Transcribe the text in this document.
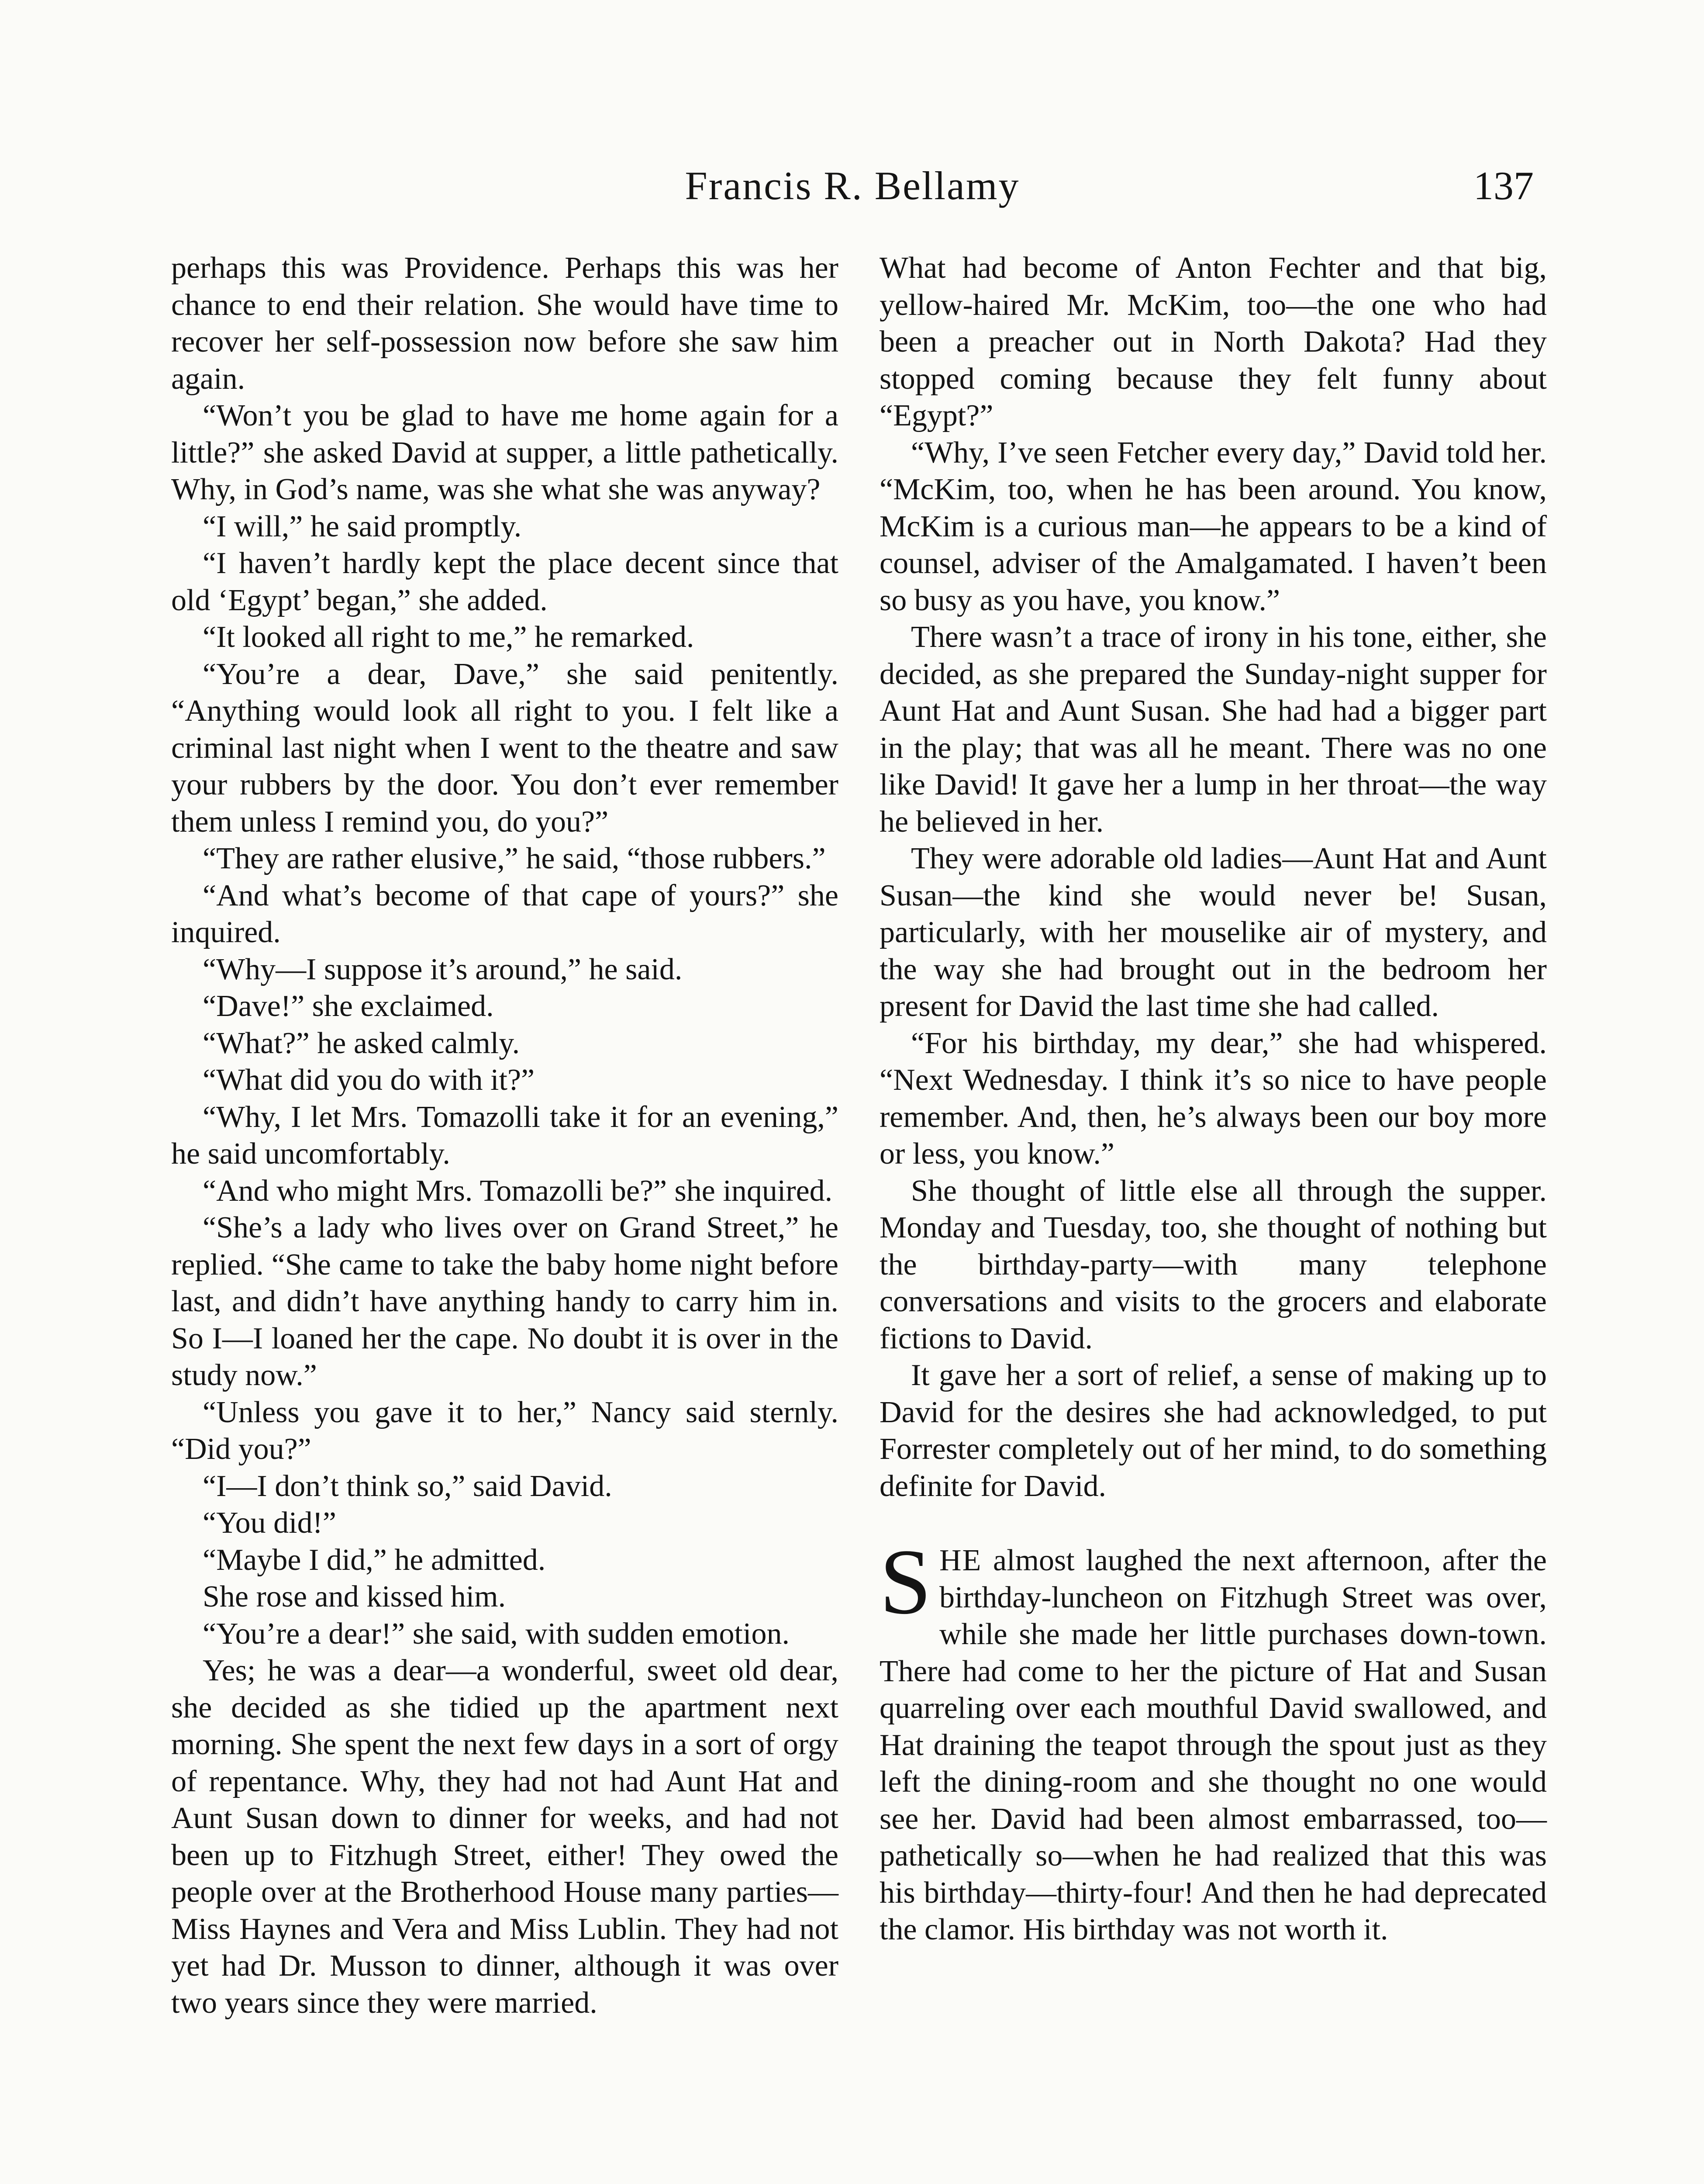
Francis R. Bellamy	137

perhaps this was Providence. Perhaps this was her chance to end their relation. She would have time to recover her self-possession now before she saw him again.

“Won’t you be glad to have me home again for a little?” she asked David at supper, a little pathetically. Why, in God’s name, was she what she was anyway?

“I will,” he said promptly.

“I haven’t hardly kept the place decent since that old ‘Egypt’ began,” she added.

“It looked all right to me,” he remarked.

“You’re a dear, Dave,” she said penitently. “Anything would look all right to you. I felt like a criminal last night when I went to the theatre and saw your rubbers by the door. You don’t ever remember them unless I remind you, do you?”

“They are rather elusive,” he said, “those rubbers.”

“And what’s become of that cape of yours?” she inquired.

“Why—I suppose it’s around,” he said.

“Dave!” she exclaimed.

“What?” he asked calmly.

“What did you do with it?”

“Why, I let Mrs. Tomazolli take it for an evening,” he said uncomfortably.

“And who might Mrs. Tomazolli be?” she inquired.

“She’s a lady who lives over on Grand Street,” he replied. “She came to take the baby home night before last, and didn’t have anything handy to carry him in. So I—I loaned her the cape. No doubt it is over in the study now.”

“Unless you gave it to her,” Nancy said sternly. “Did you?”

“I—I don’t think so,” said David.

“You did!”

“Maybe I did,” he admitted.

She rose and kissed him.

“You’re a dear!” she said, with sudden emotion.

Yes; he was a dear—a wonderful, sweet old dear, she decided as she tidied up the apartment next morning. She spent the next few days in a sort of orgy of repentance. Why, they had not had Aunt Hat and Aunt Susan down to dinner for weeks, and had not been up to Fitzhugh Street, either! They owed the people over at the Brotherhood House many parties—Miss Haynes and Vera and Miss Lublin. They had not yet had Dr. Musson to dinner, although it was over two years since they were married.

What had become of Anton Fechter and that big, yellow-haired Mr. McKim, too—the one who had been a preacher out in North Dakota? Had they stopped coming because they felt funny about “Egypt?”

“Why, I’ve seen Fetcher every day,” David told her. “McKim, too, when he has been around. You know, McKim is a curious man—he appears to be a kind of counsel, adviser of the Amalgamated. I haven’t been so busy as you have, you know.”

There wasn’t a trace of irony in his tone, either, she decided, as she prepared the Sunday-night supper for Aunt Hat and Aunt Susan. She had had a bigger part in the play; that was all he meant. There was no one like David! It gave her a lump in her throat—the way he believed in her.

They were adorable old ladies—Aunt Hat and Aunt Susan—the kind she would never be! Susan, particularly, with her mouselike air of mystery, and the way she had brought out in the bedroom her present for David the last time she had called.

“For his birthday, my dear,” she had whispered. “Next Wednesday. I think it’s so nice to have people remember. And, then, he’s always been our boy more or less, you know.”

She thought of little else all through the supper. Monday and Tuesday, too, she thought of nothing but the birthday-party—with many telephone conversations and visits to the grocers and elaborate fictions to David.

It gave her a sort of relief, a sense of making up to David for the desires she had acknowledged, to put Forrester completely out of her mind, to do something definite for David.

SHE almost laughed the next afternoon, after the birthday-luncheon on Fitzhugh Street was over, while she made her little purchases down-town. There had come to her the picture of Hat and Susan quarreling over each mouthful David swallowed, and Hat draining the teapot through the spout just as they left the dining-room and she thought no one would see her. David had been almost embarrassed, too—pathetically so—when he had realized that this was his birthday—thirty-four! And then he had deprecated the clamor. His birthday was not worth it.
